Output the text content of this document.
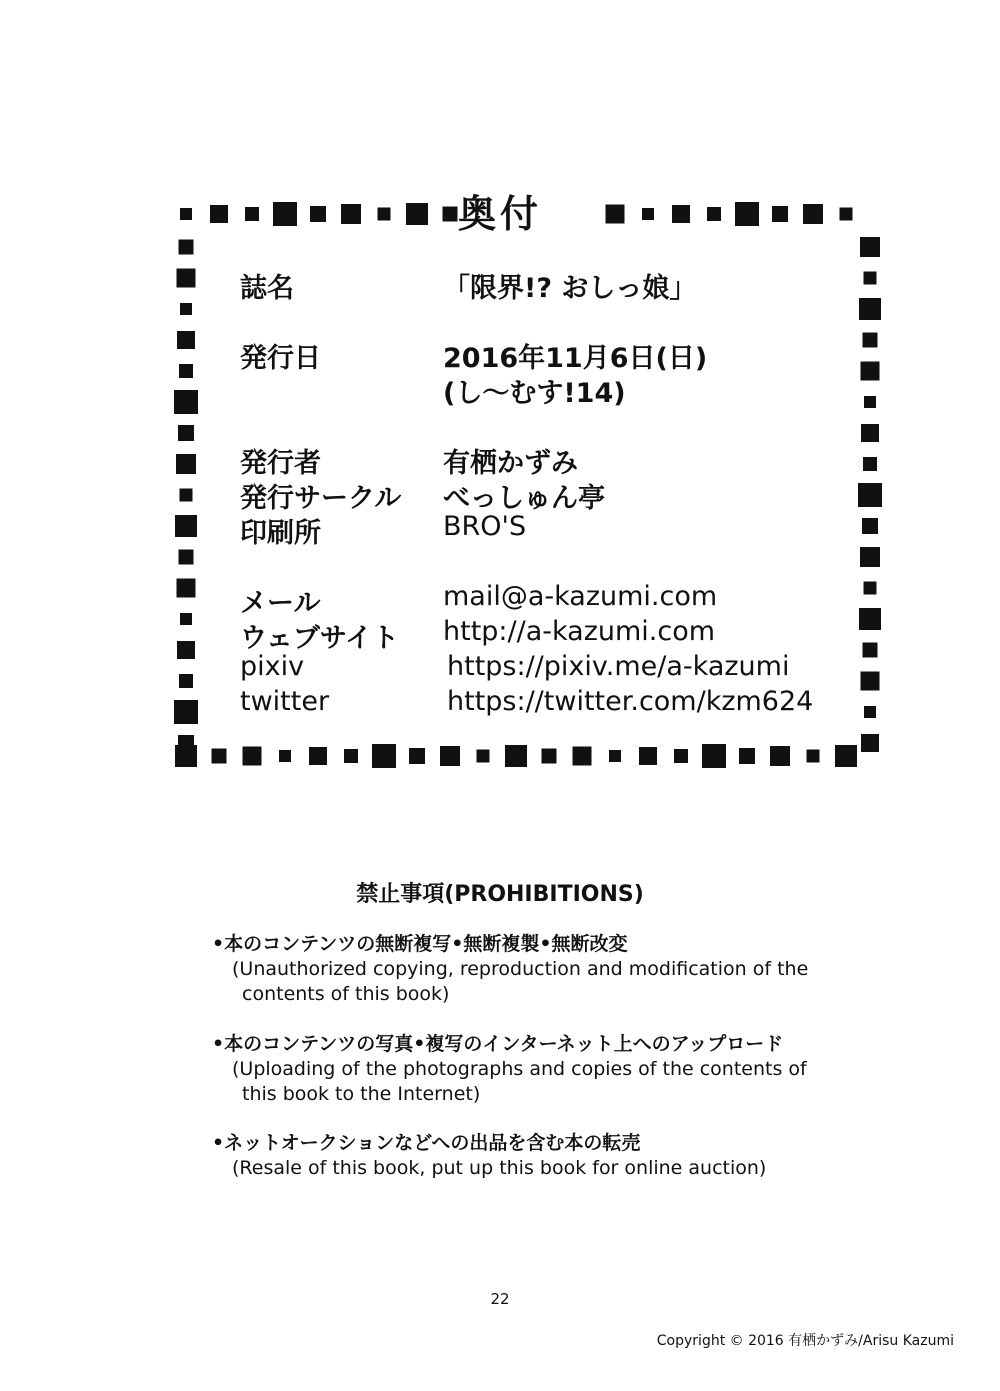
奥付
誌名	「限界!? おしっ娘」
発行日	2016年11月6日(日)
(し〜むす!14)
発行者	有栖かずみ
発行サークル べっしゅん亭
印刷所	BRO'S
メール	mail@a-kazumi.com
ウェブサイト http://a-kazumi.com
pixiv	https://pixiv.me/a-kazumi
twitter	https://twitter.com/kzm624
禁止事項(PROHIBITIONS)
•本のコンテンツの無断複写•無断複製•無断改変
(Unauthorized copying, reproduction and modification of the
contents of this book)
•本のコンテンツの写真•複写のインターネット上へのアップロード
(Uploading of the photographs and copies of the contents of
this book to the Internet)
•ネットオークションなどへの出品を含む本の転売
(Resale of this book, put up this book for online auction)
22
Copyright © 2016 有栖かずみ/Arisu Kazumi
